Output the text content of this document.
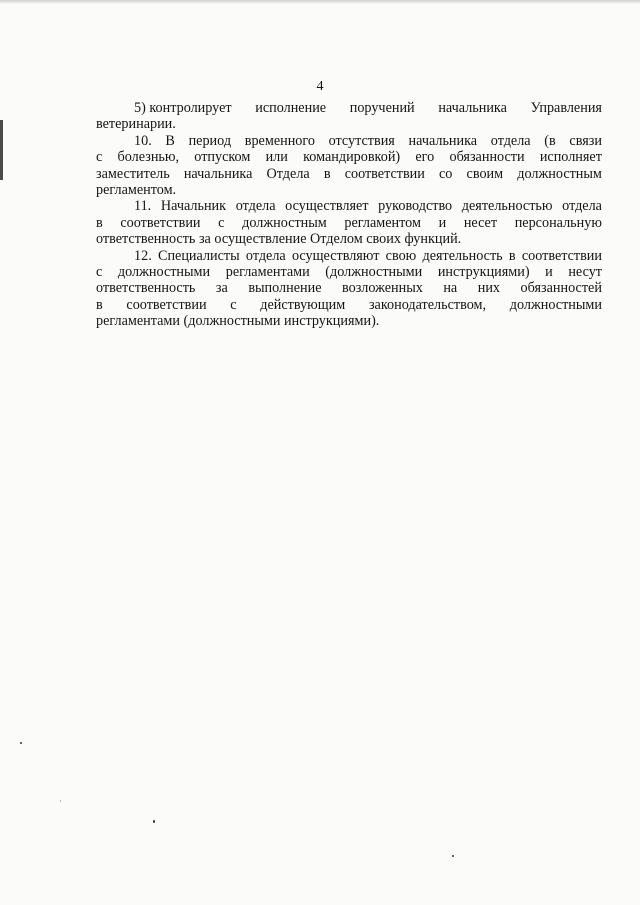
4
5) контролирует исполнение поручений начальника Управления
ветеринарии.
10. В период временного отсутствия начальника отдела (в связи
с болезнью, отпуском или командировкой) его обязанности исполняет
заместитель начальника Отдела в соответствии со своим должностным
регламентом.
11. Начальник отдела осуществляет руководство деятельностью отдела
в соответствии с должностным регламентом и несет персональную
ответственность за осуществление Отделом своих функций.
12. Специалисты отдела осуществляют свою деятельность в соответствии
с должностными регламентами (должностными инструкциями) и несут
ответственность за выполнение возложенных на них обязанностей
в соответствии с действующим законодательством, должностными
регламентами (должностными инструкциями).
